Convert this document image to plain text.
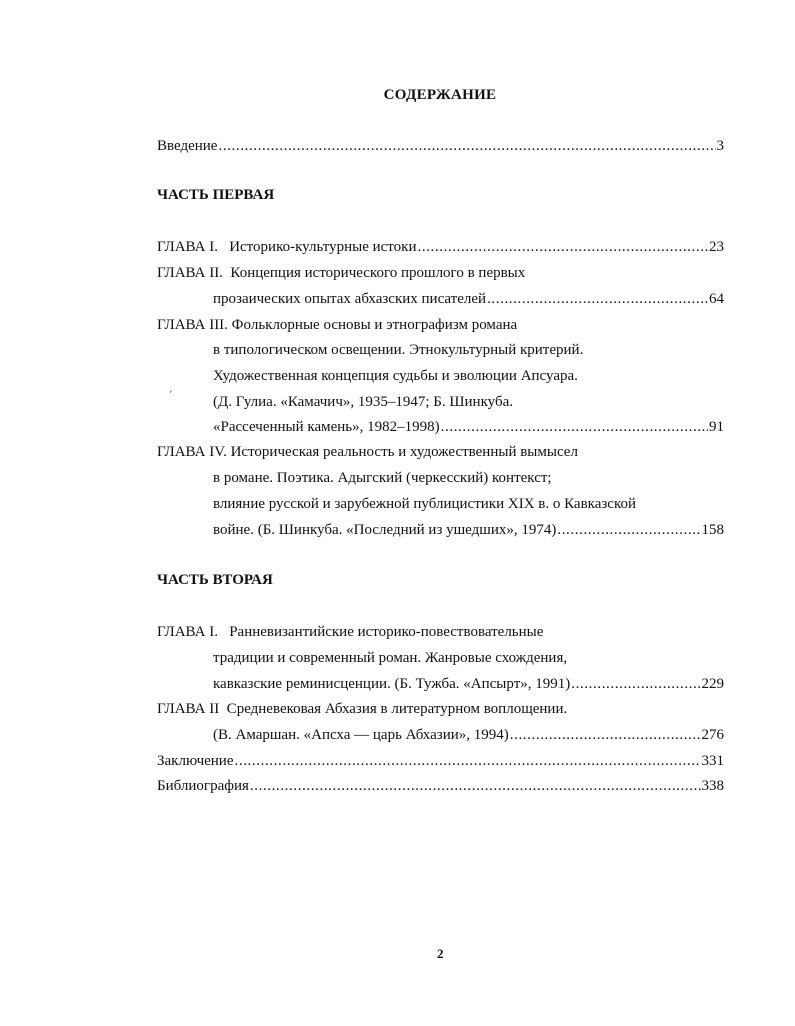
СОДЕРЖАНИЕ
Введение .....	3
ЧАСТЬ ПЕРВАЯ
ГЛАВА I.   Историко-культурные истоки .....	23
ГЛАВА II.  Концепция исторического прошлого в первых
прозаических опытах абхазских писателей .....	64
ГЛАВА III. Фольклорные основы и этнографизм романа
в типологическом освещении. Этнокультурный критерий.
Художественная концепция судьбы и эволюции Апсуара.
´ (Д. Гулиа. «Камачич», 1935–1947; Б. Шинкуба.
«Рассеченный камень», 1982–1998) .....	91
ГЛАВА IV. Историческая реальность и художественный вымысел
в романе. Поэтика. Адыгский (черкесский) контекст;
влияние русской и зарубежной публицистики XIX в. о Кавказской
войне. (Б. Шинкуба. «Последний из ушедших», 1974) .....	158
ЧАСТЬ ВТОРАЯ
ГЛАВА I.   Ранневизантийские историко-повествовательные
традиции и современный роман. Жанровые схождения,
кавказские реминисценции. (Б. Тужба. «Апсырт», 1991) .....	229
ГЛАВА II  Средневековая Абхазия в литературном воплощении.
(В. Амаршан. «Апсха — царь Абхазии», 1994) .....	276
Заключение .....	331
Библиография .....	338
2
